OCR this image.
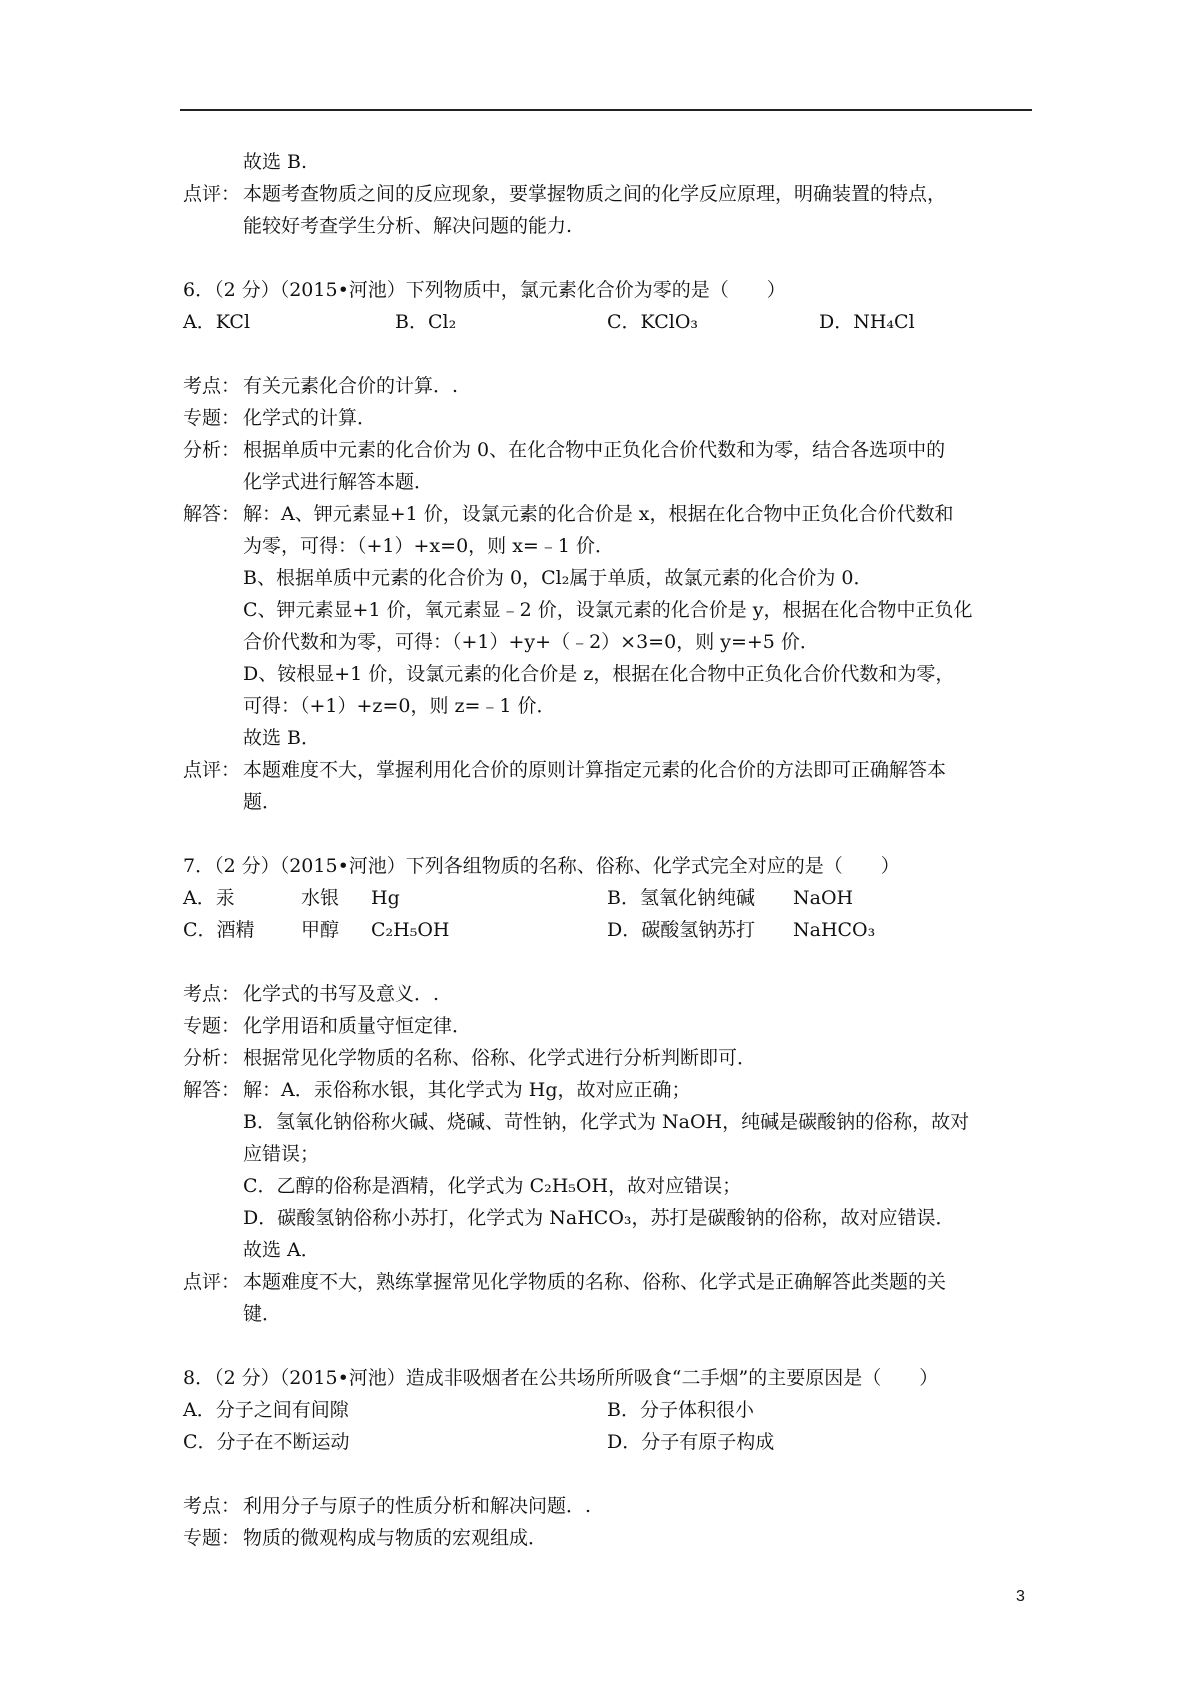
故选 B.
点评： 本题考查物质之间的反应现象，要掌握物质之间的化学反应原理，明确装置的特点，
能较好考查学生分析、解决问题的能力.
6．（2 分）（2015•河池）下列物质中，氯元素化合价为零的是（　　）
A．KCl	B．Cl₂	C．KClO₃	D．NH₄Cl
考点： 有关元素化合价的计算．.
专题： 化学式的计算．
分析： 根据单质中元素的化合价为 0、在化合物中正负化合价代数和为零，结合各选项中的
化学式进行解答本题．
解答： 解：A、钾元素显+1 价，设氯元素的化合价是 x，根据在化合物中正负化合价代数和
为零，可得：（+1）+x=0，则 x=﹣1 价．
B、根据单质中元素的化合价为 0，Cl₂属于单质，故氯元素的化合价为 0．
C、钾元素显+1 价，氧元素显﹣2 价，设氯元素的化合价是 y，根据在化合物中正负化
合价代数和为零，可得：（+1）+y+（﹣2）×3=0，则 y=+5 价．
D、铵根显+1 价，设氯元素的化合价是 z，根据在化合物中正负化合价代数和为零，
可得：（+1）+z=0，则 z=﹣1 价．
故选 B．
点评： 本题难度不大，掌握利用化合价的原则计算指定元素的化合价的方法即可正确解答本
题．
7．（2 分）（2015•河池）下列各组物质的名称、俗称、化学式完全对应的是（　　）
A．汞	水银	Hg	B．氢氧化钠 纯碱	NaOH
C．酒精	甲醇	C₂H₅OH	D．碳酸氢钠 苏打	NaHCO₃
考点： 化学式的书写及意义．.
专题： 化学用语和质量守恒定律．
分析： 根据常见化学物质的名称、俗称、化学式进行分析判断即可．
解答： 解：A．汞俗称水银，其化学式为 Hg，故对应正确；
B．氢氧化钠俗称火碱、烧碱、苛性钠，化学式为 NaOH，纯碱是碳酸钠的俗称，故对
应错误；
C．乙醇的俗称是酒精，化学式为 C₂H₅OH，故对应错误；
D．碳酸氢钠俗称小苏打，化学式为 NaHCO₃，苏打是碳酸钠的俗称，故对应错误．
故选 A．
点评： 本题难度不大，熟练掌握常见化学物质的名称、俗称、化学式是正确解答此类题的关
键．
8．（2 分）（2015•河池）造成非吸烟者在公共场所所吸食“二手烟”的主要原因是（　　）
A．分子之间有间隙	B．分子体积很小
C．分子在不断运动	D．分子有原子构成
考点： 利用分子与原子的性质分析和解决问题．.
专题： 物质的微观构成与物质的宏观组成．
3
